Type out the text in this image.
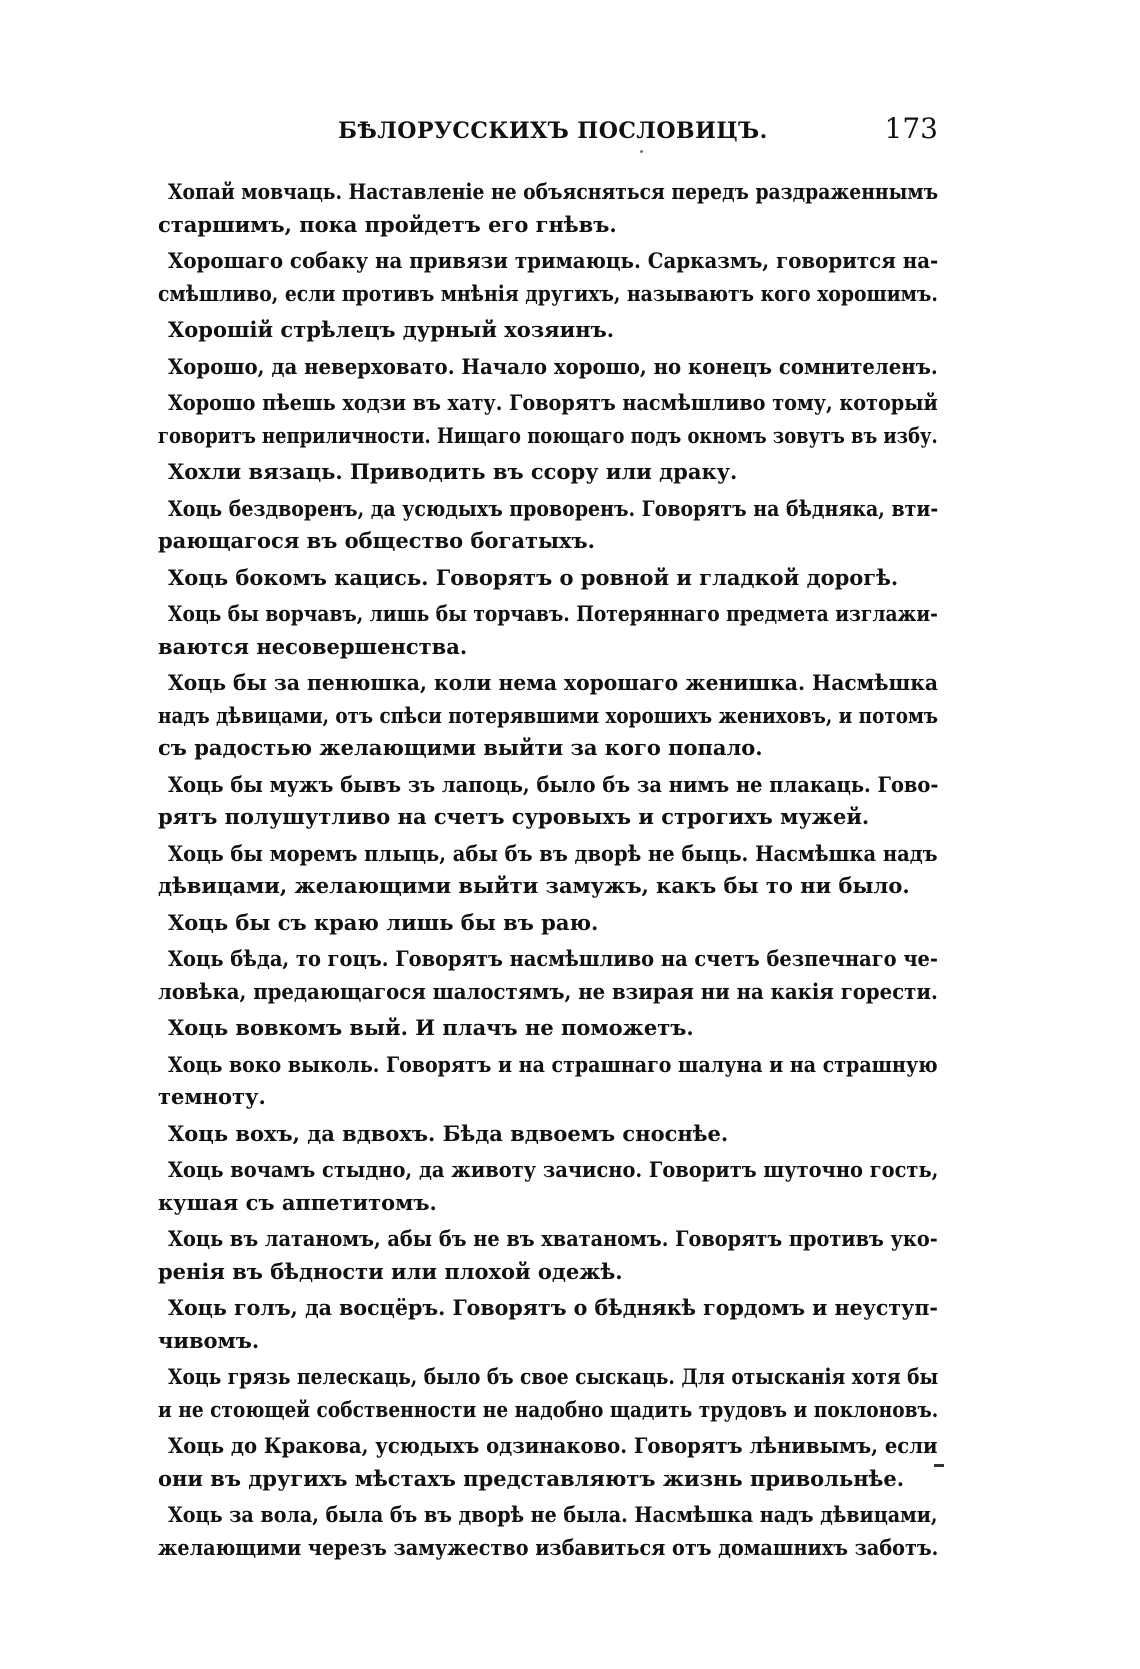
БѢЛОРУССКИХЪ ПОСЛОВИЦЪ.	173
Хопай мовчаць. Наставленіе не объясняться передъ раздраженнымъ
старшимъ, пока пройдетъ его гнѣвъ.
Хорошаго собаку на привязи тримаюць. Сарказмъ, говорится на-
смѣшливо, если противъ мнѣнія другихъ, называютъ кого хорошимъ.
Хорошій стрѣлецъ дурный хозяинъ.
Хорошо, да неверховато. Начало хорошо, но конецъ сомнителенъ.
Хорошо пѣешь ходзи въ хату. Говорятъ насмѣшливо тому, который
говоритъ неприличности. Нищаго поющаго подъ окномъ зовутъ въ избу.
Хохли вязаць. Приводить въ ссору или драку.
Хоць бездворенъ, да усюдыхъ проворенъ. Говорятъ на бѣдняка, вти-
рающагося въ общество богатыхъ.
Хоць бокомъ кацись. Говорятъ о ровной и гладкой дорогѣ.
Хоць бы ворчавъ, лишь бы торчавъ. Потеряннаго предмета изглажи-
ваются несовершенства.
Хоць бы за пенюшка, коли нема хорошаго женишка. Насмѣшка
надъ дѣвицами, отъ спѣси потерявшими хорошихъ жениховъ, и потомъ
съ радостью желающими выйти за кого попало.
Хоць бы мужъ бывъ зъ лапоць, было бъ за нимъ не плакаць. Гово-
рятъ полушутливо на счетъ суровыхъ и строгихъ мужей.
Хоць бы моремъ плыць, абы бъ въ дворѣ не быць. Насмѣшка надъ
дѣвицами, желающими выйти замужъ, какъ бы то ни было.
Хоць бы съ краю лишь бы въ раю.
Хоць бѣда, то гоцъ. Говорятъ насмѣшливо на счетъ безпечнаго че-
ловѣка, предающагося шалостямъ, не взирая ни на какія горести.
Хоць вовкомъ вый. И плачъ не поможетъ.
Хоць воко выколь. Говорятъ и на страшнаго шалуна и на страшную
темноту.
Хоць вохъ, да вдвохъ. Бѣда вдвоемъ сноснѣе.
Хоць вочамъ стыдно, да животу зачисно. Говоритъ шуточно гость,
кушая съ аппетитомъ.
Хоць въ латаномъ, абы бъ не въ хватаномъ. Говорятъ противъ уко-
ренія въ бѣдности или плохой одежѣ.
Хоць голъ, да восцёръ. Говорятъ о бѣднякѣ гордомъ и неуступ-
чивомъ.
Хоць грязь пелескаць, было бъ свое сыскаць. Для отысканія хотя бы
и не стоющей собственности не надобно щадить трудовъ и поклоновъ.
Хоць до Кракова, усюдыхъ одзинаково. Говорятъ лѣнивымъ, если
они въ другихъ мѣстахъ представляютъ жизнь привольнѣе.
Хоць за вола, была бъ въ дворѣ не была. Насмѣшка надъ дѣвицами,
желающими черезъ замужество избавиться отъ домашнихъ заботъ.
